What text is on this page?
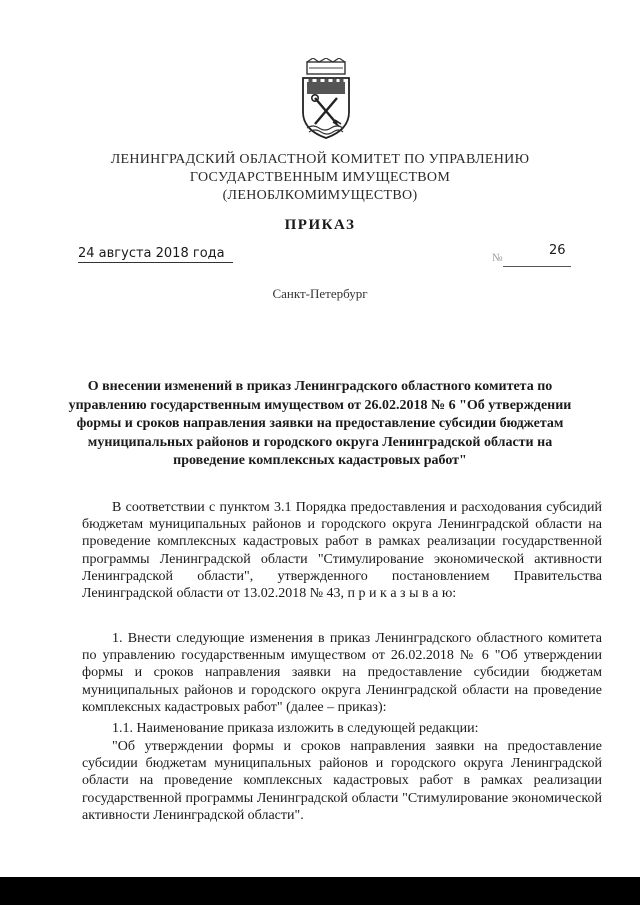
ЛЕНИНГРАДСКИЙ ОБЛАСТНОЙ КОМИТЕТ ПО УПРАВЛЕНИЮ
ГОСУДАРСТВЕННЫМ ИМУЩЕСТВОМ
(ЛЕНОБЛКОМИМУЩЕСТВО)
ПРИКАЗ
24 августа 2018 года	№	26
Санкт-Петербург

О внесении изменений в приказ Ленинградского областного комитета по управлению государственным имуществом от 26.02.2018 № 6 "Об утверждении формы и сроков направления заявки на предоставление субсидии бюджетам муниципальных районов и городского округа Ленинградской области на проведение комплексных кадастровых работ"

В соответствии с пунктом 3.1 Порядка предоставления и расходования субсидий бюджетам муниципальных районов и городского округа Ленинградской области на проведение комплексных кадастровых работ в рамках реализации государственной программы Ленинградской области "Стимулирование экономической активности Ленинградской области", утвержденного постановлением Правительства Ленинградской области от 13.02.2018 № 43, п р и к а з ы в а ю:

1. Внести следующие изменения в приказ Ленинградского областного комитета по управлению государственным имуществом от 26.02.2018 № 6 "Об утверждении формы и сроков направления заявки на предоставление субсидии бюджетам муниципальных районов и городского округа Ленинградской области на проведение комплексных кадастровых работ" (далее – приказ):

1.1. Наименование приказа изложить в следующей редакции:

"Об утверждении формы и сроков направления заявки на предоставление субсидии бюджетам муниципальных районов и городского округа Ленинградской области на проведение комплексных кадастровых работ в рамках реализации государственной программы Ленинградской области "Стимулирование экономической активности Ленинградской области".
